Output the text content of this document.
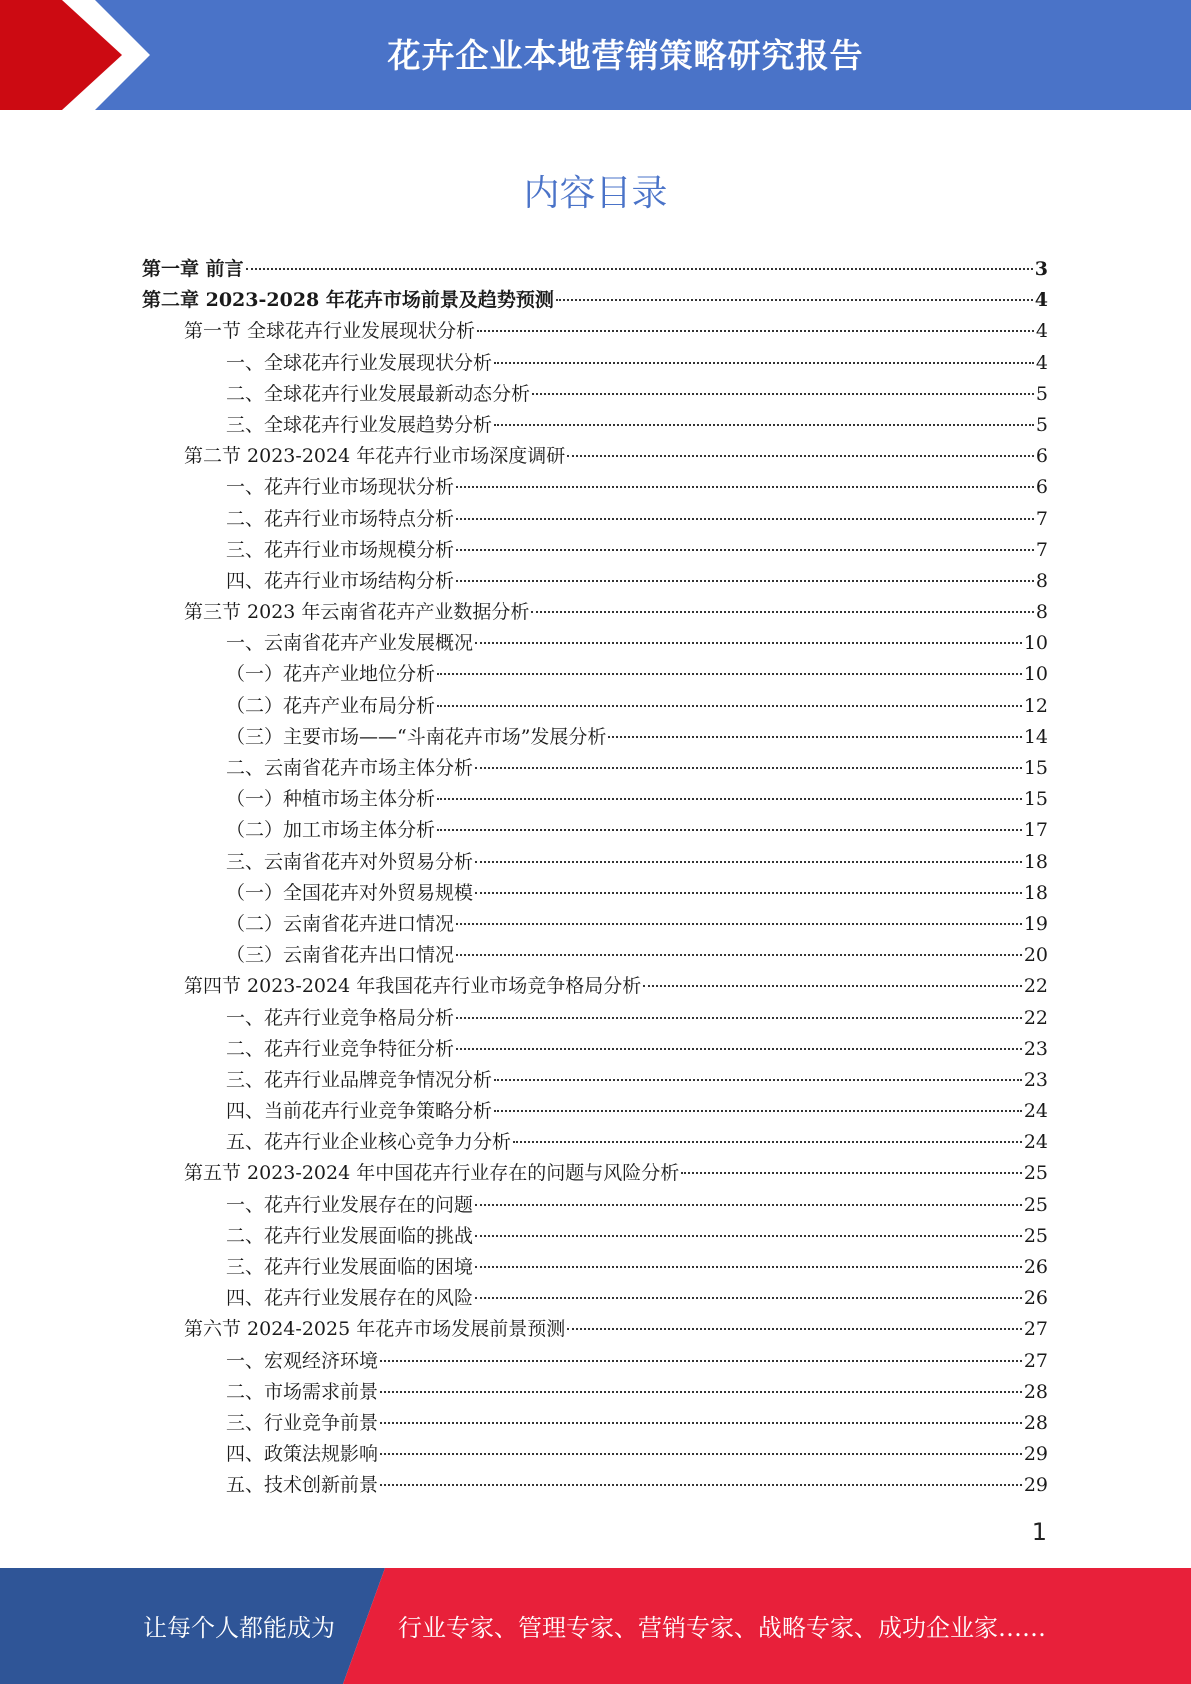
花卉企业本地营销策略研究报告
内容目录
第一章 前言	3
第二章 2023-2028 年花卉市场前景及趋势预测	4
第一节 全球花卉行业发展现状分析	4
一、全球花卉行业发展现状分析	4
二、全球花卉行业发展最新动态分析	5
三、全球花卉行业发展趋势分析	5
第二节 2023-2024 年花卉行业市场深度调研	6
一、花卉行业市场现状分析	6
二、花卉行业市场特点分析	7
三、花卉行业市场规模分析	7
四、花卉行业市场结构分析	8
第三节 2023 年云南省花卉产业数据分析	8
一、云南省花卉产业发展概况	10
（一）花卉产业地位分析	10
（二）花卉产业布局分析	12
（三）主要市场——“斗南花卉市场”发展分析	14
二、云南省花卉市场主体分析	15
（一）种植市场主体分析	15
（二）加工市场主体分析	17
三、云南省花卉对外贸易分析	18
（一）全国花卉对外贸易规模	18
（二）云南省花卉进口情况	19
（三）云南省花卉出口情况	20
第四节 2023-2024 年我国花卉行业市场竞争格局分析	22
一、花卉行业竞争格局分析	22
二、花卉行业竞争特征分析	23
三、花卉行业品牌竞争情况分析	23
四、当前花卉行业竞争策略分析	24
五、花卉行业企业核心竞争力分析	24
第五节 2023-2024 年中国花卉行业存在的问题与风险分析	25
一、花卉行业发展存在的问题	25
二、花卉行业发展面临的挑战	25
三、花卉行业发展面临的困境	26
四、花卉行业发展存在的风险	26
第六节 2024-2025 年花卉市场发展前景预测	27
一、宏观经济环境	27
二、市场需求前景	28
三、行业竞争前景	28
四、政策法规影响	29
五、技术创新前景	29
1
让每个人都能成为	行业专家、管理专家、营销专家、战略专家、成功企业家……
